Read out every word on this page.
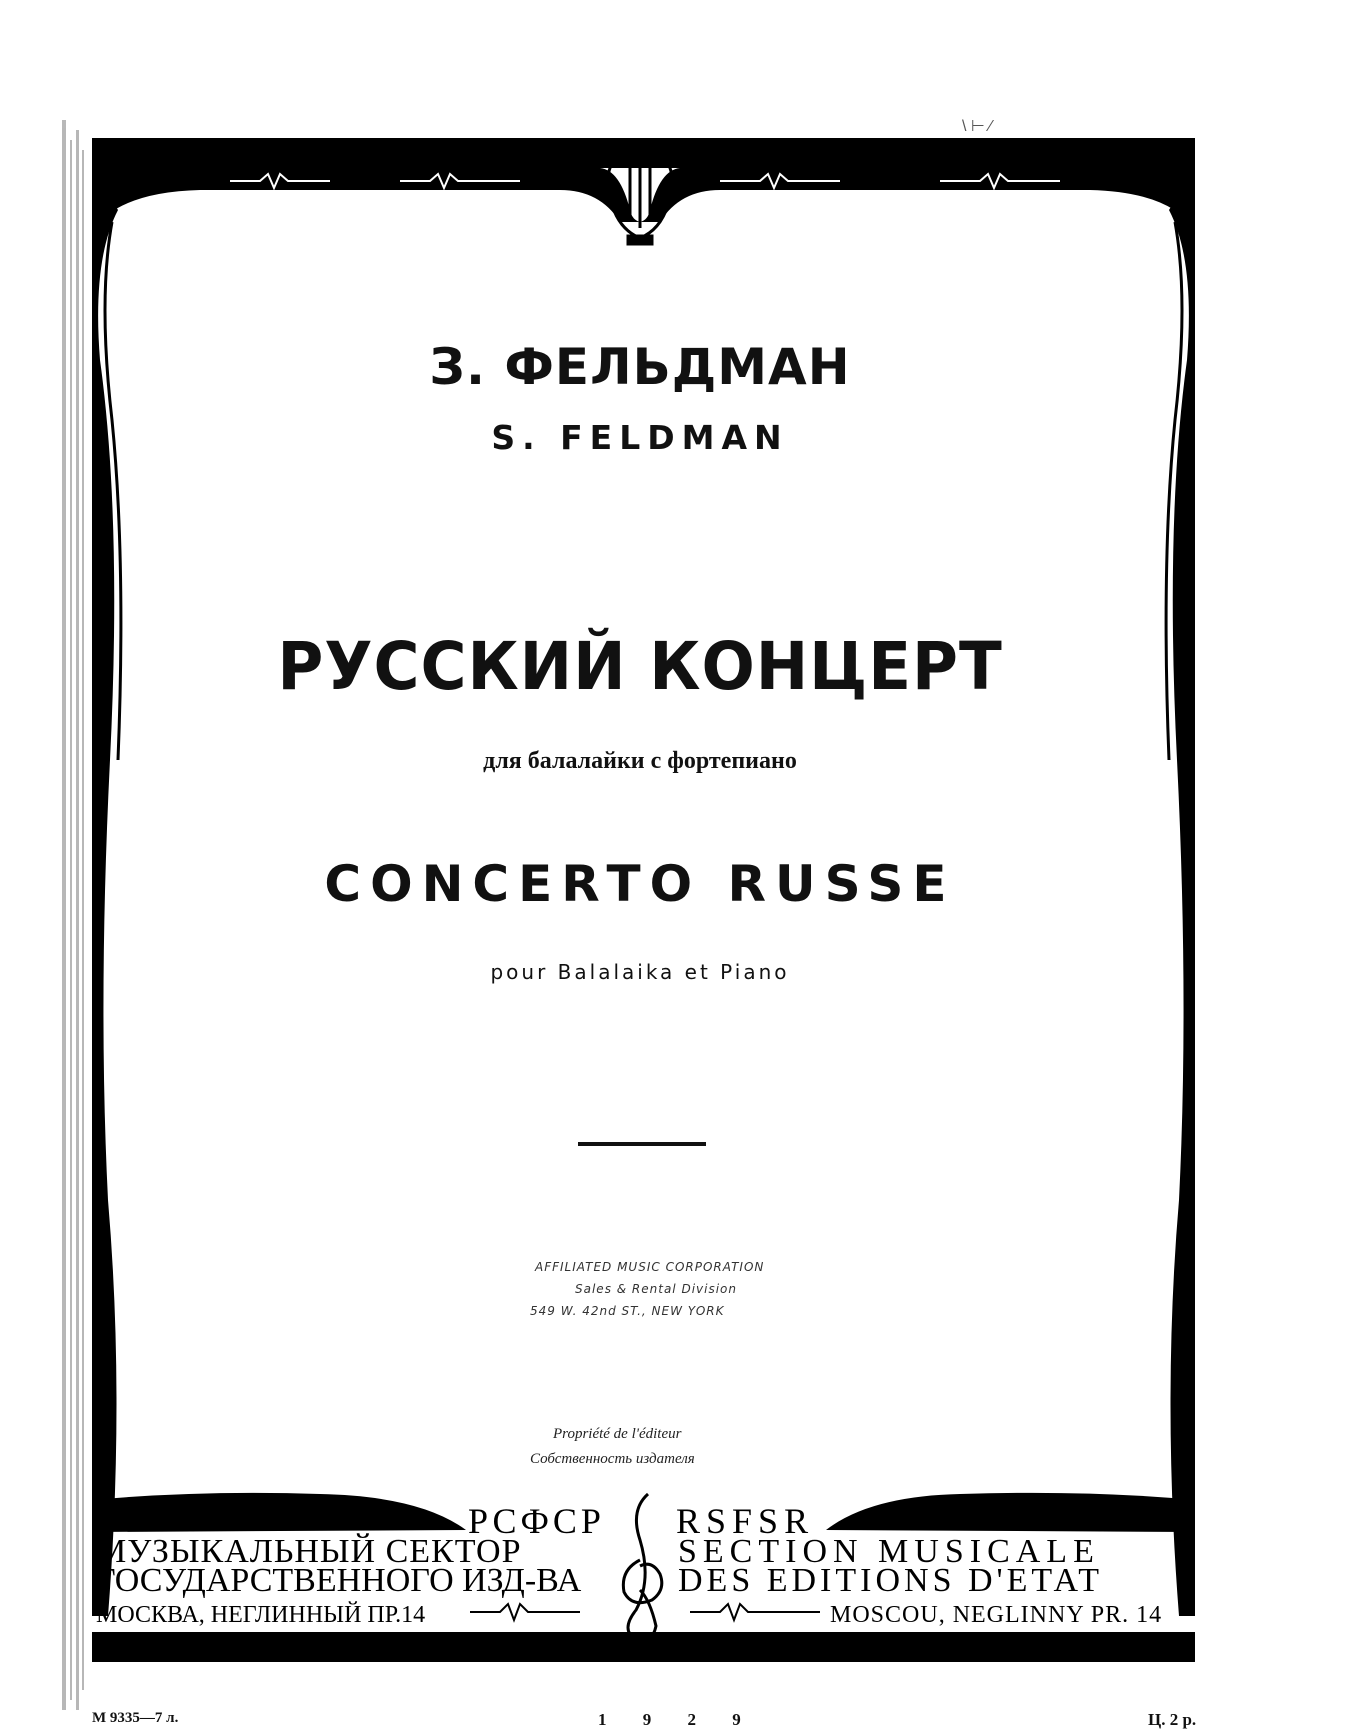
\ ⊢ ⁄
З. ФЕЛЬДМАН
S. FELDMAN
РУССКИЙ КОНЦЕРТ
для балалайки с фортепиано
CONCERTO RUSSE
pour Balalaika et Piano
AFFILIATED MUSIC CORPORATION
Sales & Rental Division
549 W. 42nd ST., NEW YORK
Propriété de l'éditeur
Собственность издателя
РСФСР RSFSR
МУЗЫКАЛЬНЫЙ СЕКТОР
ГОСУДАРСТВЕННОГО ИЗД-ВА
SECTION MUSICALE
DES EDITIONS D'ETAT
МОСКВА, НЕГЛИННЫЙ ПР.14	MOSCOU, NEGLINNY PR. 14
М 9335—7 л.	1 9 2 9	Ц. 2 р.
